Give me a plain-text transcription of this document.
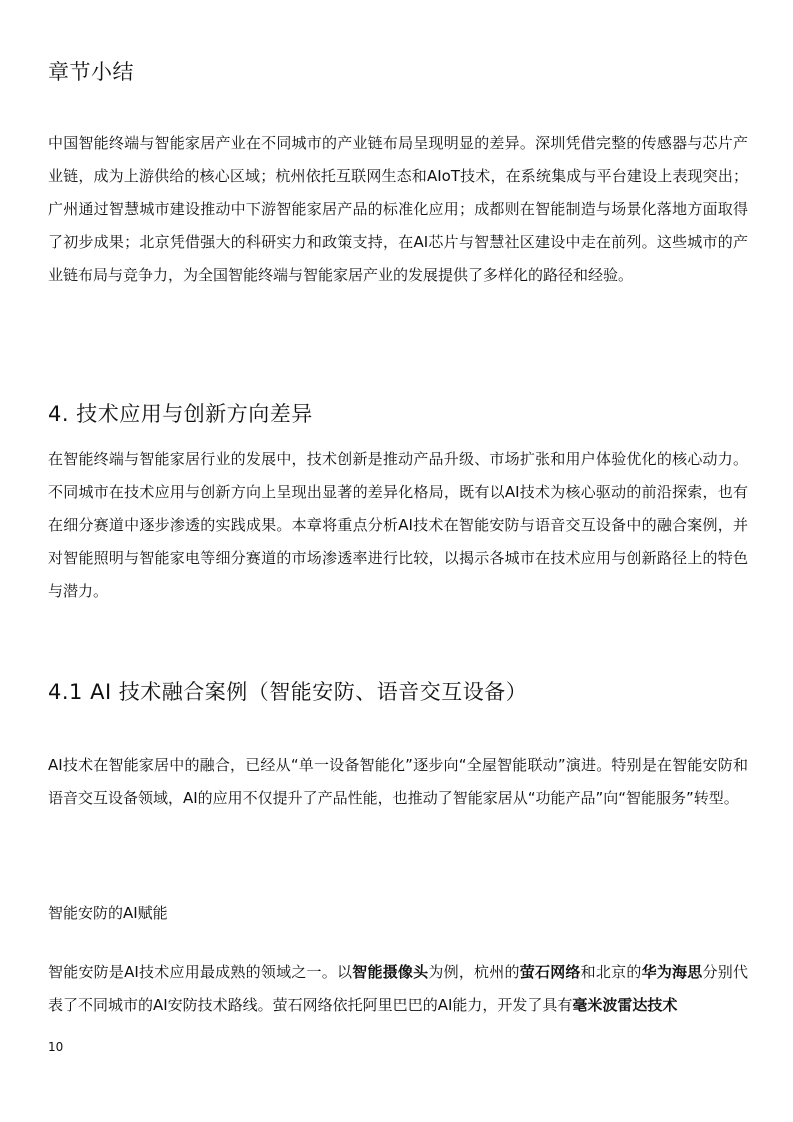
章节小结

中国智能终端与智能家居产业在不同城市的产业链布局呈现明显的差异。深圳凭借完整的传感器与芯片产业链，成为上游供给的核心区域；杭州依托互联网生态和AIoT技术，在系统集成与平台建设上表现突出；广州通过智慧城市建设推动中下游智能家居产品的标准化应用；成都则在智能制造与场景化落地方面取得了初步成果；北京凭借强大的科研实力和政策支持，在AI芯片与智慧社区建设中走在前列。这些城市的产业链布局与竞争力，为全国智能终端与智能家居产业的发展提供了多样化的路径和经验。

4. 技术应用与创新方向差异

在智能终端与智能家居行业的发展中，技术创新是推动产品升级、市场扩张和用户体验优化的核心动力。不同城市在技术应用与创新方向上呈现出显著的差异化格局，既有以AI技术为核心驱动的前沿探索，也有在细分赛道中逐步渗透的实践成果。本章将重点分析AI技术在智能安防与语音交互设备中的融合案例，并对智能照明与智能家电等细分赛道的市场渗透率进行比较，以揭示各城市在技术应用与创新路径上的特色与潜力。

4.1 AI 技术融合案例（智能安防、语音交互设备）

AI技术在智能家居中的融合，已经从“单一设备智能化”逐步向“全屋智能联动”演进。特别是在智能安防和语音交互设备领域，AI的应用不仅提升了产品性能，也推动了智能家居从“功能产品”向“智能服务”转型。

智能安防的AI赋能

智能安防是AI技术应用最成熟的领域之一。以智能摄像头为例，杭州的萤石网络和北京的华为海思分别代表了不同城市的AI安防技术路线。萤石网络依托阿里巴巴的AI能力，开发了具有毫米波雷达技术

10
